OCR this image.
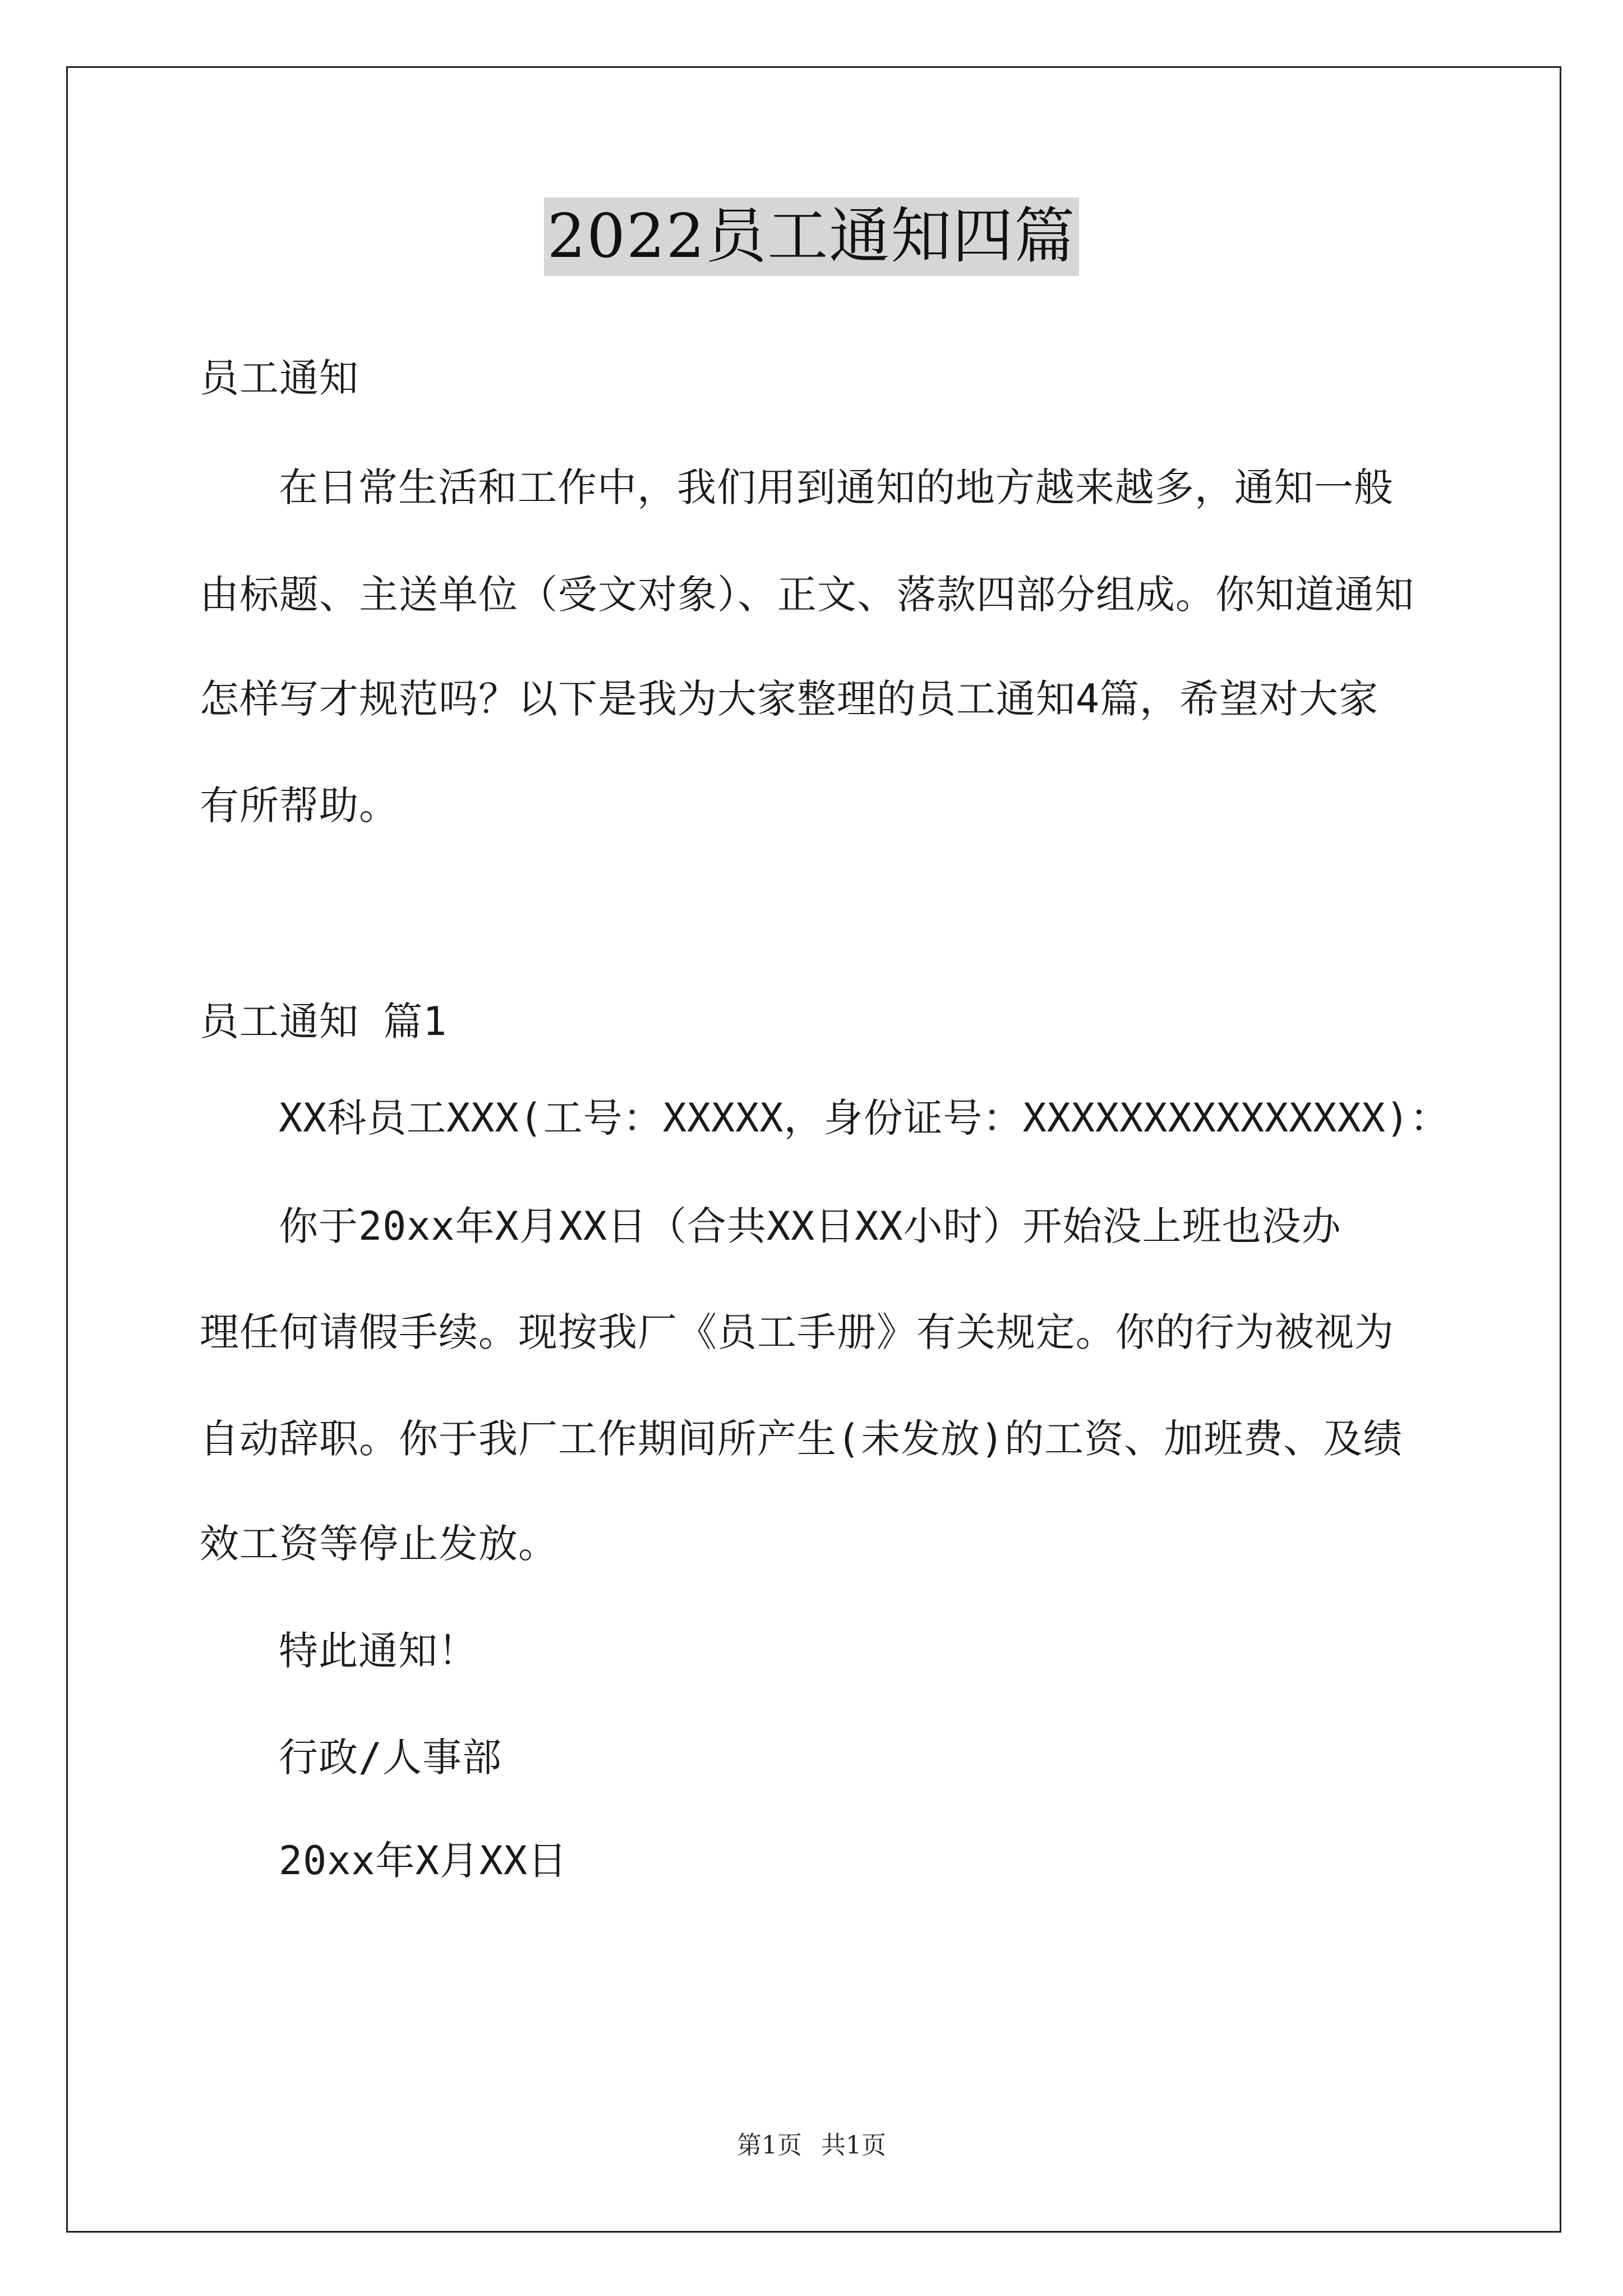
2022员工通知四篇
员工通知
在日常生活和工作中，我们用到通知的地方越来越多，通知一般
由标题、主送单位（受文对象）、正文、落款四部分组成。你知道通知
怎样写才规范吗？以下是我为大家整理的员工通知4篇，希望对大家
有所帮助。
员工通知 篇1
XX科员工XXX(工号：XXXXX，身份证号：XXXXXXXXXXXXXXX)：
你于20xx年X月XX日（合共XX日XX小时）开始没上班也没办
理任何请假手续。现按我厂《员工手册》有关规定。你的行为被视为
自动辞职。你于我厂工作期间所产生(未发放)的工资、加班费、及绩
效工资等停止发放。
特此通知！
行政/人事部
20xx年X月XX日
第1页 共1页
